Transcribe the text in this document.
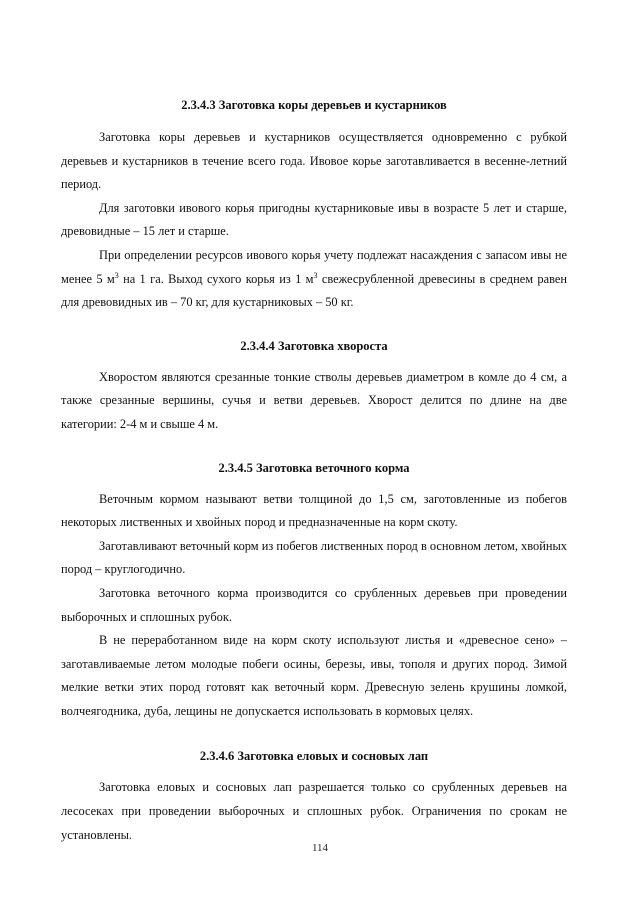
2.3.4.3 Заготовка коры деревьев и кустарников

Заготовка коры деревьев и кустарников осуществляется одновременно с рубкой деревьев и кустарников в течение всего года. Ивовое корье заготавливается в весенне-летний период.

Для заготовки ивового корья пригодны кустарниковые ивы в возрасте 5 лет и старше, древовидные – 15 лет и старше.

При определении ресурсов ивового корья учету подлежат насаждения с запасом ивы не менее 5 $м^3$ на 1 га. Выход сухого корья из 1 $м^3$ свежесрубленной древесины в среднем равен для древовидных ив – 70 кг, для кустарниковых – 50 кг.

2.3.4.4 Заготовка хвороста

Хворостом являются срезанные тонкие стволы деревьев диаметром в комле до 4 см, а также срезанные вершины, сучья и ветви деревьев. Хворост делится по длине на две категории: 2-4 м и свыше 4 м.

2.3.4.5 Заготовка веточного корма

Веточным кормом называют ветви толщиной до 1,5 см, заготовленные из побегов некоторых лиственных и хвойных пород и предназначенные на корм скоту.

Заготавливают веточный корм из побегов лиственных пород в основном летом, хвойных пород – круглогодично.

Заготовка веточного корма производится со срубленных деревьев при проведении выборочных и сплошных рубок.

В не переработанном виде на корм скоту используют листья и «древесное сено» – заготавливаемые летом молодые побеги осины, березы, ивы, тополя и других пород. Зимой мелкие ветки этих пород готовят как веточный корм. Древесную зелень крушины ломкой, волчеягодника, дуба, лещины не допускается использовать в кормовых целях.

2.3.4.6 Заготовка еловых и сосновых лап

Заготовка еловых и сосновых лап разрешается только со срубленных деревьев на лесосеках при проведении выборочных и сплошных рубок. Ограничения по срокам не установлены.

114
